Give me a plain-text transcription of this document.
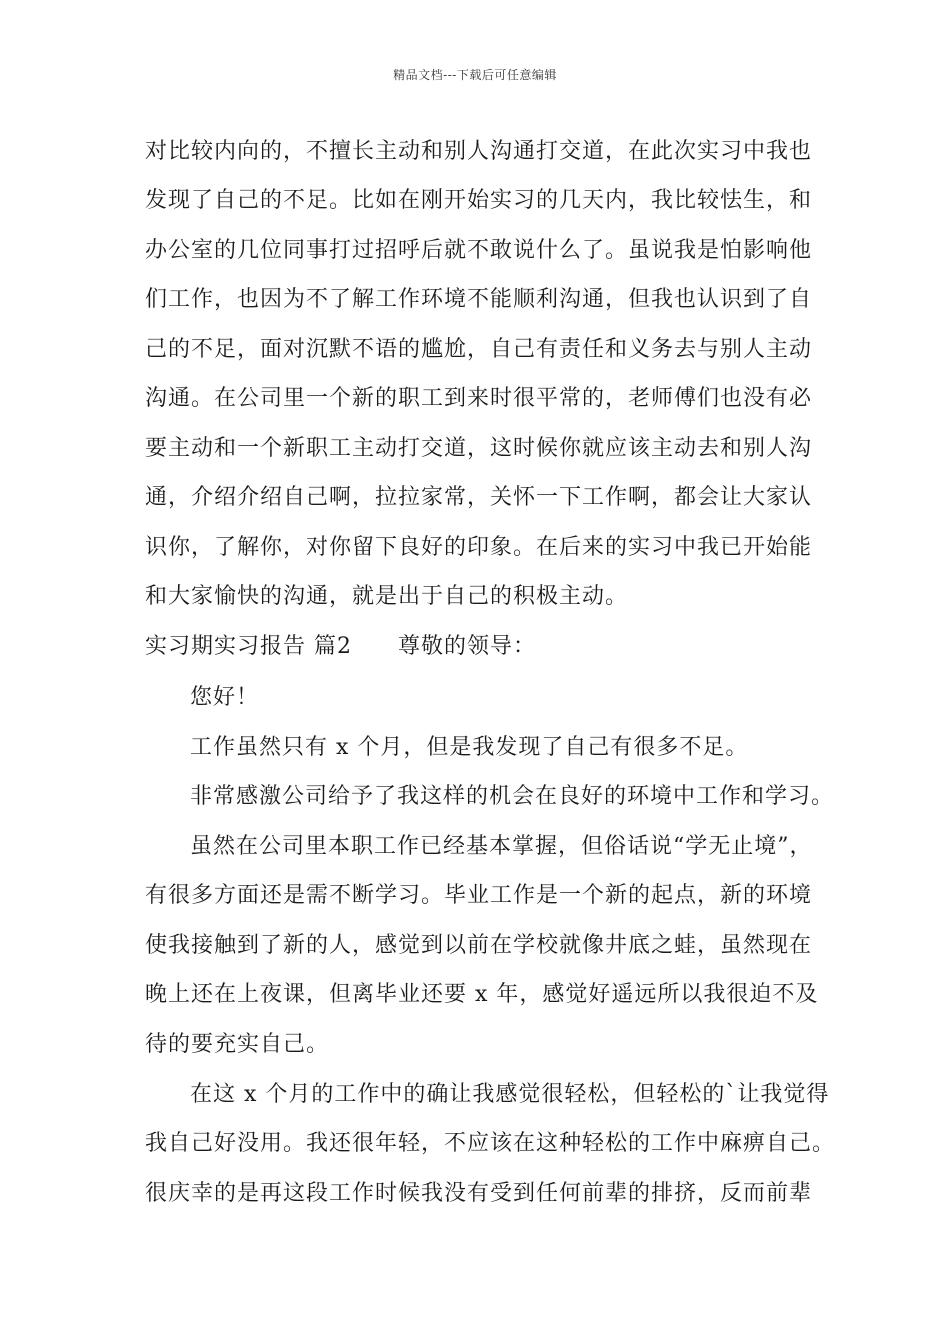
精品文档---下载后可任意编辑
对比较内向的，不擅长主动和别人沟通打交道，在此次实习中我也
发现了自己的不足。比如在刚开始实习的几天内，我比较怯生，和
办公室的几位同事打过招呼后就不敢说什么了。虽说我是怕影响他
们工作，也因为不了解工作环境不能顺利沟通，但我也认识到了自
己的不足，面对沉默不语的尴尬，自己有责任和义务去与别人主动
沟通。在公司里一个新的职工到来时很平常的，老师傅们也没有必
要主动和一个新职工主动打交道，这时候你就应该主动去和别人沟
通，介绍介绍自己啊，拉拉家常，关怀一下工作啊，都会让大家认
识你，了解你，对你留下良好的印象。在后来的实习中我已开始能
和大家愉快的沟通，就是出于自己的积极主动。
实习期实习报告 篇2 尊敬的领导：
您好！
工作虽然只有 x 个月，但是我发现了自己有很多不足。
非常感激公司给予了我这样的机会在良好的环境中工作和学习。
虽然在公司里本职工作已经基本掌握，但俗话说“学无止境”，
有很多方面还是需不断学习。毕业工作是一个新的起点，新的环境
使我接触到了新的人，感觉到以前在学校就像井底之蛙，虽然现在
晚上还在上夜课，但离毕业还要 x 年，感觉好遥远所以我很迫不及
待的要充实自己。
在这 x 个月的工作中的确让我感觉很轻松，但轻松的`让我觉得
我自己好没用。我还很年轻，不应该在这种轻松的工作中麻痹自己。
很庆幸的是再这段工作时候我没有受到任何前辈的排挤，反而前辈
